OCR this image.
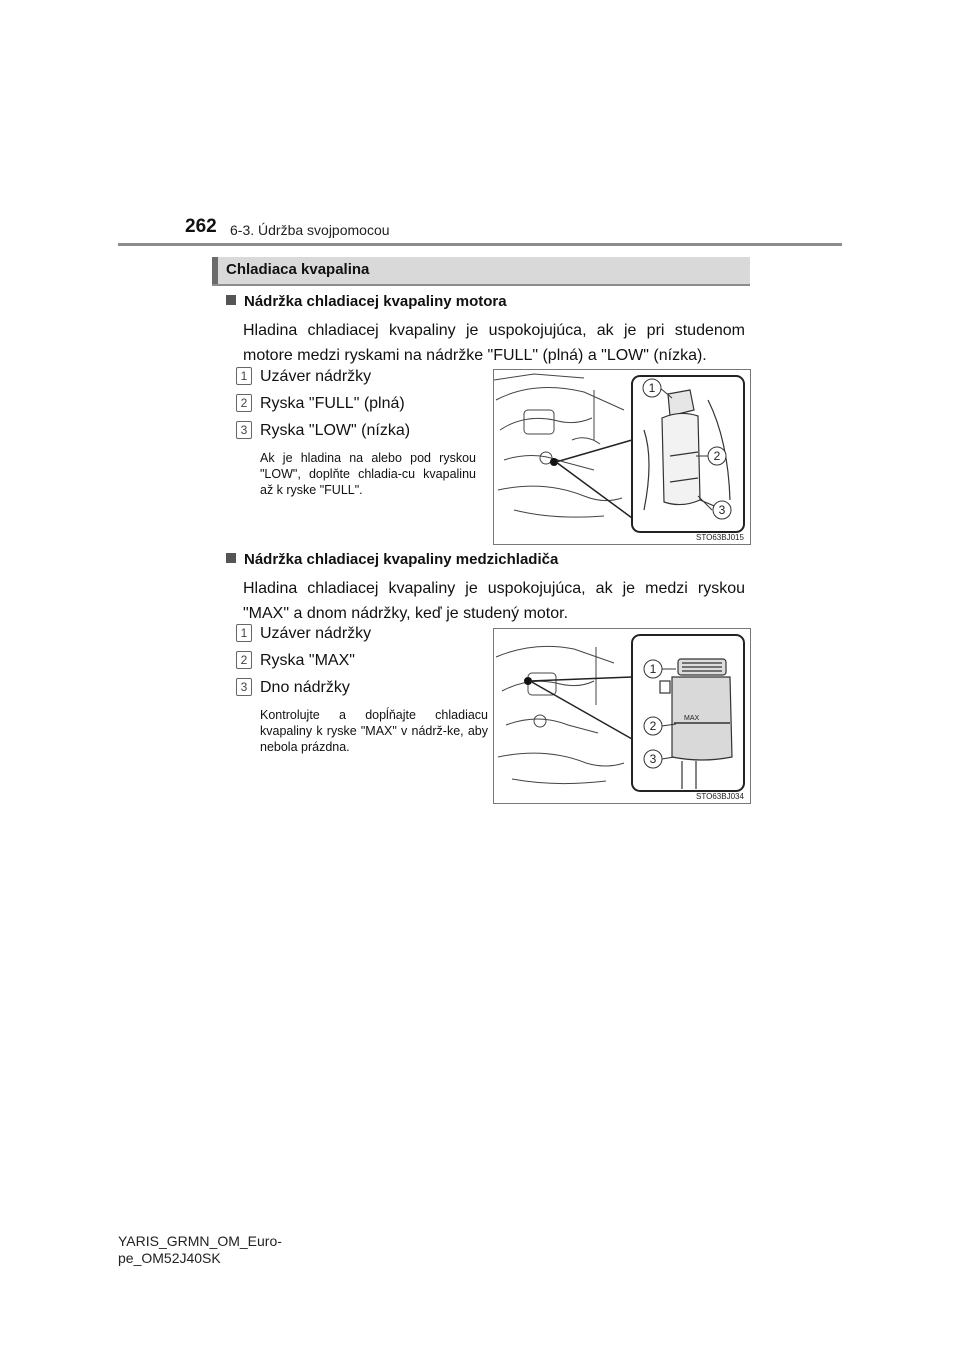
262 6-3. Údržba svojpomocou
Chladiaca kvapalina
Nádržka chladiacej kvapaliny motora
Hladina chladiacej kvapaliny je uspokojujúca, ak je pri studenom motore medzi ryskami na nádržke "FULL" (plná) a "LOW" (nízka).
1 Uzáver nádržky
2 Ryska "FULL" (plná)
3 Ryska "LOW" (nízka)
Ak je hladina na alebo pod ryskou "LOW", doplňte chladia-cu kvapalinu až k ryske "FULL".
1
2
3
STO63BJ015
Nádržka chladiacej kvapaliny medzichladiča
Hladina chladiacej kvapaliny je uspokojujúca, ak je medzi ryskou "MAX" a dnom nádržky, keď je studený motor.
1 Uzáver nádržky
2 Ryska "MAX"
3 Dno nádržky
Kontrolujte a dopĺňajte chladiacu kvapaliny k ryske "MAX" v nádrž-ke, aby nebola prázdna.
1
2
3
MAX
STO63BJ034
YARIS_GRMN_OM_Euro-
pe_OM52J40SK
